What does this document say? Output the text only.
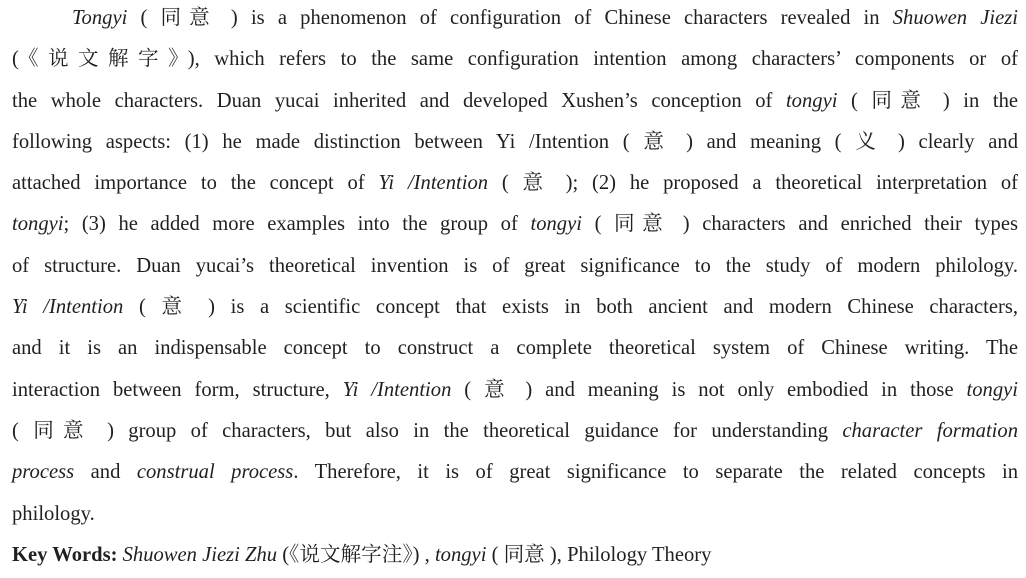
Tongyi ( 同意 ) is a phenomenon of configuration of Chinese characters revealed in Shuowen Jiezi
(《说文解字》), which refers to the same configuration intention among characters’ components or of
the whole characters. Duan yucai inherited and developed Xushen’s conception of tongyi ( 同意 ) in the
following aspects: (1) he made distinction between Yi /Intention ( 意 ) and meaning ( 义 ) clearly and
attached importance to the concept of Yi /Intention ( 意 ); (2) he proposed a theoretical interpretation of
tongyi; (3) he added more examples into the group of tongyi ( 同意 ) characters and enriched their types
of structure. Duan yucai’s theoretical invention is of great significance to the study of modern philology.
Yi /Intention ( 意 ) is a scientific concept that exists in both ancient and modern Chinese characters,
and it is an indispensable concept to construct a complete theoretical system of Chinese writing. The
interaction between form, structure, Yi /Intention ( 意 ) and meaning is not only embodied in those tongyi
( 同意 ) group of characters, but also in the theoretical guidance for understanding character formation
process and construal process. Therefore, it is of great significance to separate the related concepts in
philology.
Key Words: Shuowen Jiezi Zhu (《说文解字注》) , tongyi ( 同意 ), Philology Theory
